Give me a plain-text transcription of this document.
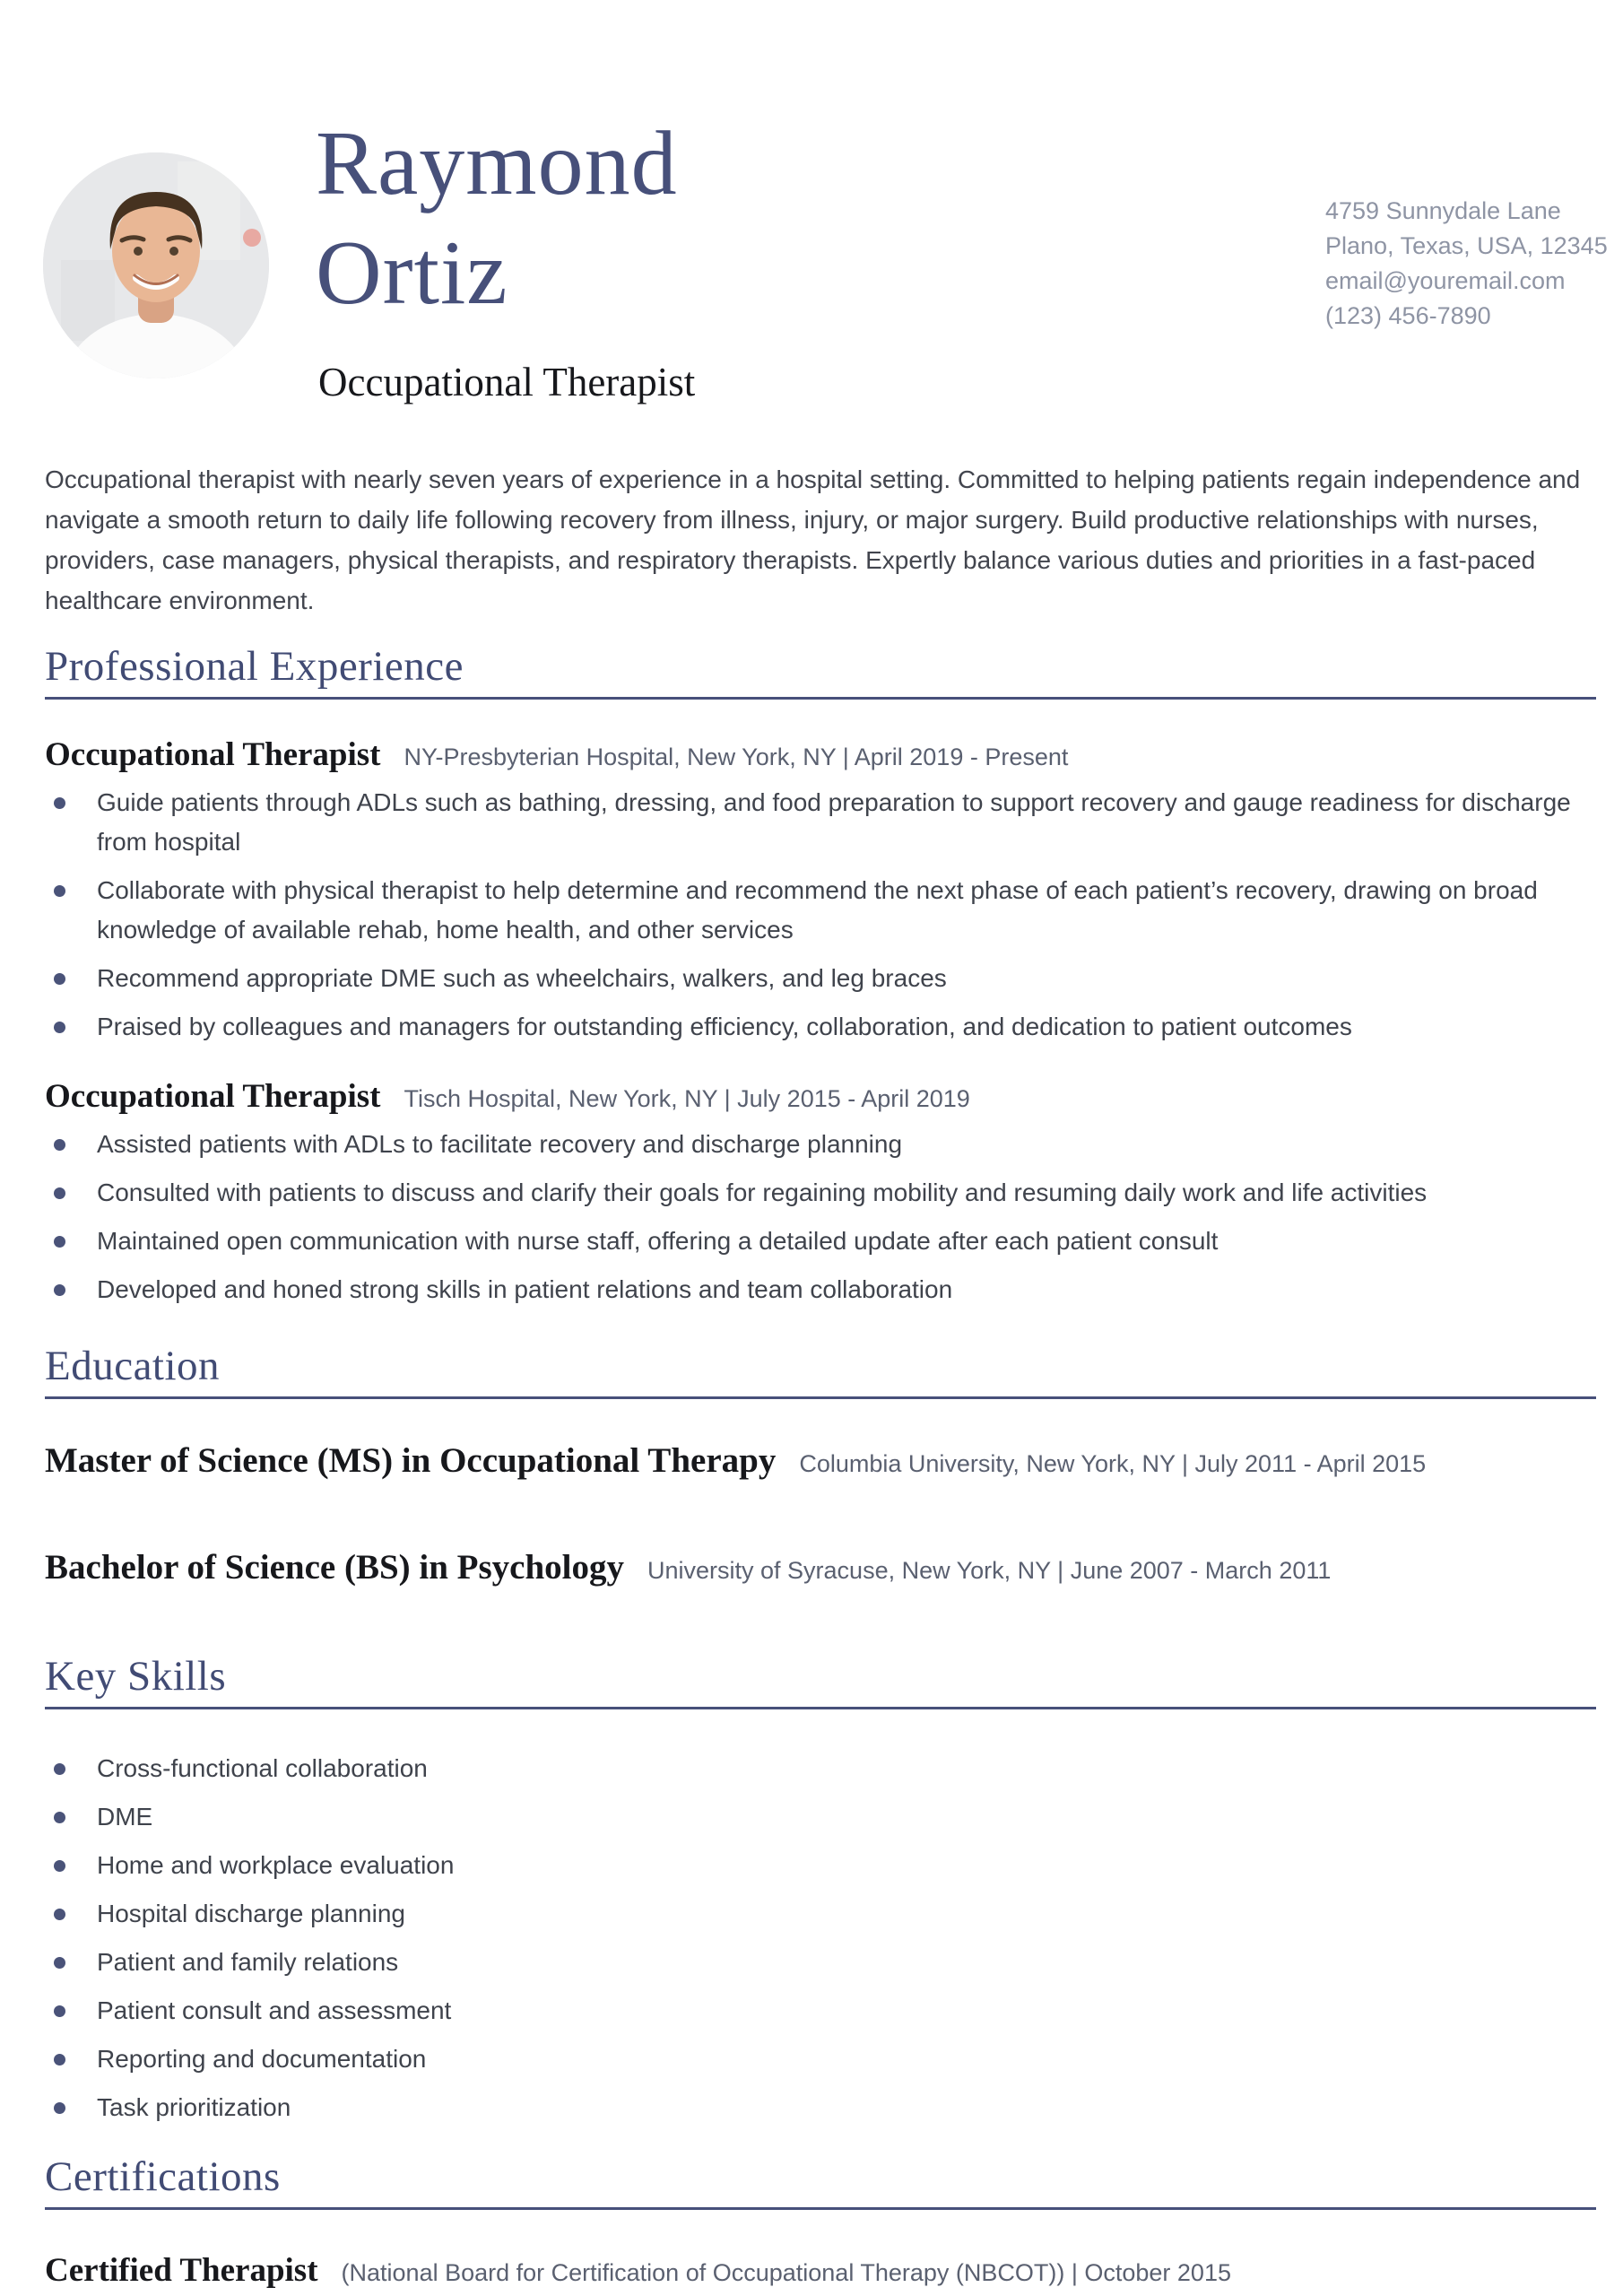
Raymond
Ortiz
Occupational Therapist
4759 Sunnydale Lane
Plano, Texas, USA, 12345
email@youremail.com
(123) 456-7890

Occupational therapist with nearly seven years of experience in a hospital setting. Committed to helping patients regain independence and navigate a smooth return to daily life following recovery from illness, injury, or major surgery. Build productive relationships with nurses, providers, case managers, physical therapists, and respiratory therapists. Expertly balance various duties and priorities in a fast-paced healthcare environment.

Professional Experience
Occupational Therapist NY-Presbyterian Hospital, New York, NY | April 2019 - Present
Guide patients through ADLs such as bathing, dressing, and food preparation to support recovery and gauge readiness for discharge from hospital
Collaborate with physical therapist to help determine and recommend the next phase of each patient’s recovery, drawing on broad knowledge of available rehab, home health, and other services
Recommend appropriate DME such as wheelchairs, walkers, and leg braces
Praised by colleagues and managers for outstanding efficiency, collaboration, and dedication to patient outcomes
Occupational Therapist Tisch Hospital, New York, NY | July 2015 - April 2019
Assisted patients with ADLs to facilitate recovery and discharge planning
Consulted with patients to discuss and clarify their goals for regaining mobility and resuming daily work and life activities
Maintained open communication with nurse staff, offering a detailed update after each patient consult
Developed and honed strong skills in patient relations and team collaboration
Education
Master of Science (MS) in Occupational Therapy Columbia University, New York, NY | July 2011 - April 2015
Bachelor of Science (BS) in Psychology University of Syracuse, New York, NY | June 2007 - March 2011
Key Skills
Cross-functional collaboration
DME
Home and workplace evaluation
Hospital discharge planning
Patient and family relations
Patient consult and assessment
Reporting and documentation
Task prioritization
Certifications
Certified Therapist (National Board for Certification of Occupational Therapy (NBCOT)) | October 2015
